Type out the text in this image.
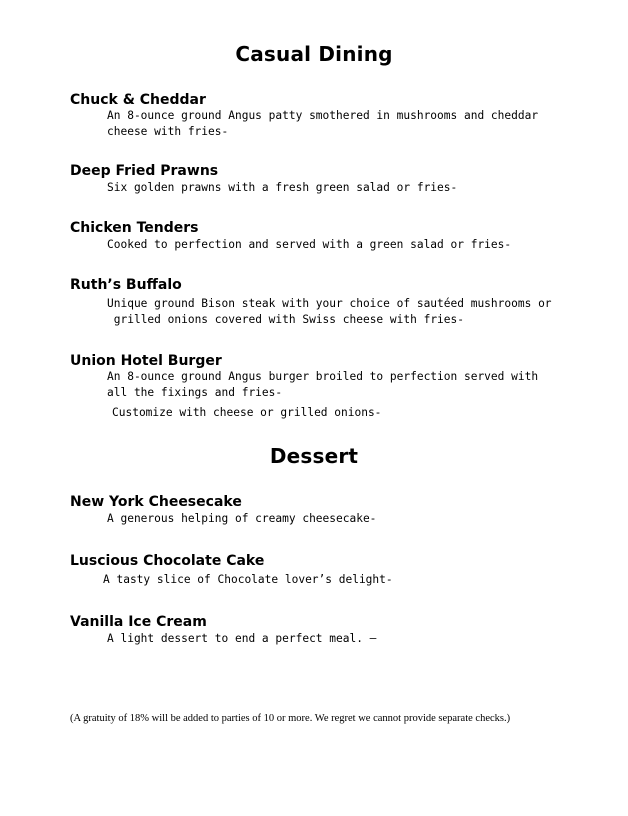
Casual Dining
Chuck & Cheddar
An 8-ounce ground Angus patty smothered in mushrooms and cheddar
cheese with fries-
Deep Fried Prawns
Six golden prawns with a fresh green salad or fries-
Chicken Tenders
Cooked to perfection and served with a green salad or fries-
Ruth’s Buffalo
Unique ground Bison steak with your choice of sautéed mushrooms or
grilled onions covered with Swiss cheese with fries-
Union Hotel Burger
An 8-ounce ground Angus burger broiled to perfection served with
all the fixings and fries-
Customize with cheese or grilled onions-
Dessert
New York Cheesecake
A generous helping of creamy cheesecake-
Luscious Chocolate Cake
A tasty slice of Chocolate lover’s delight-
Vanilla Ice Cream
A light dessert to end a perfect meal. –

(A gratuity of 18% will be added to parties of 10 or more. We regret we cannot provide separate checks.)
